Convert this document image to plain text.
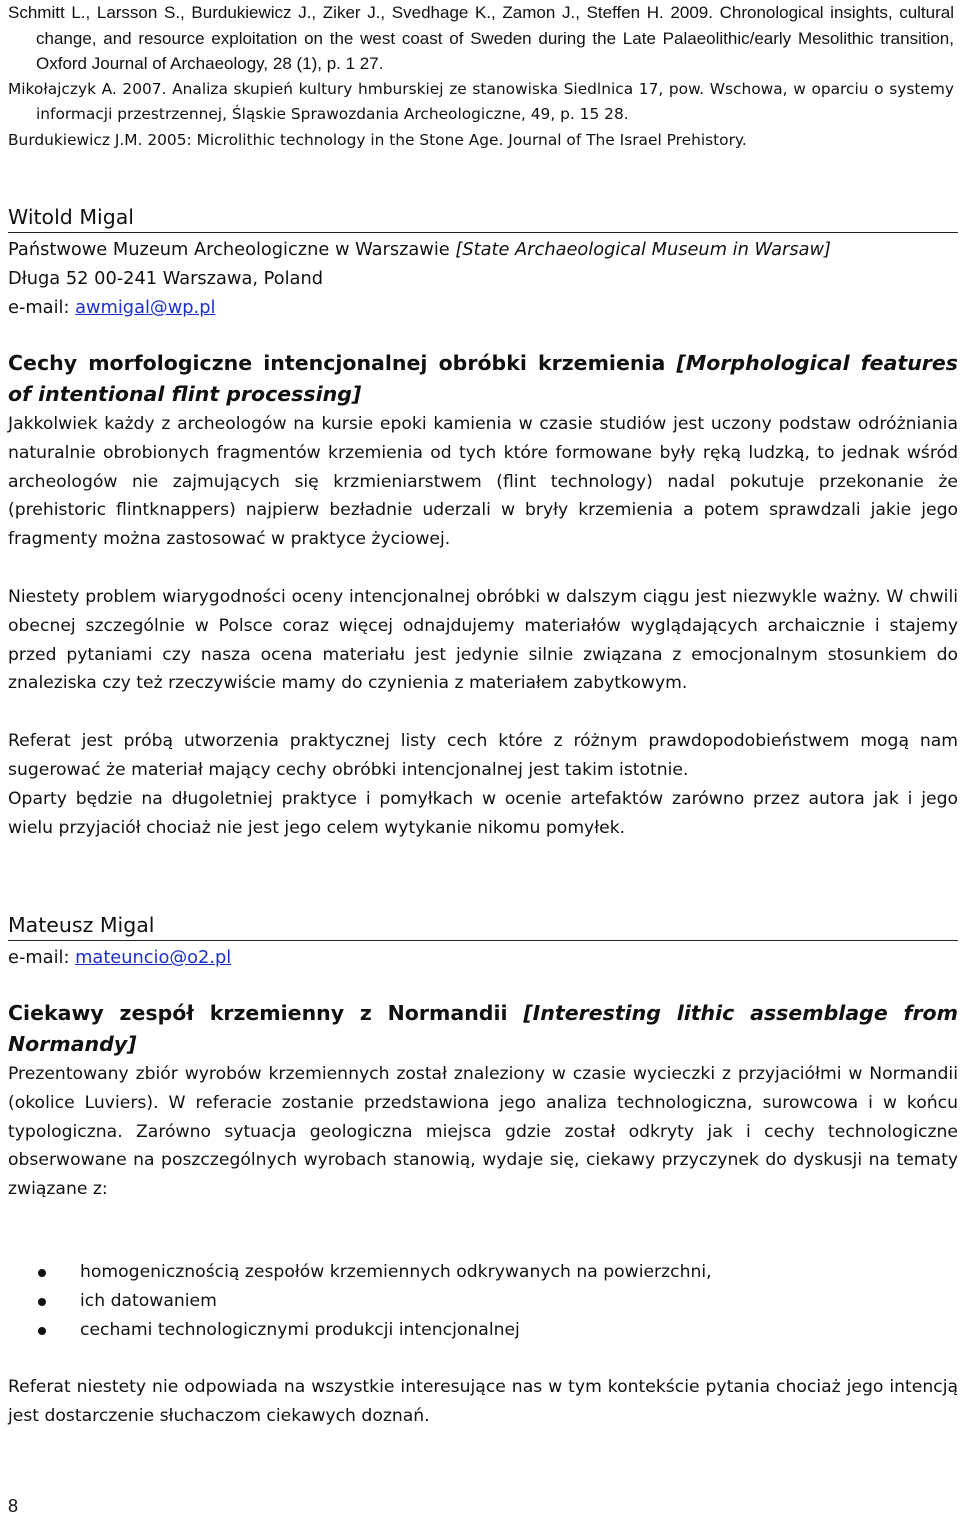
Schmitt L., Larsson S., Burdukiewicz J., Ziker J., Svedhage K., Zamon J., Steffen H. 2009. Chronological insights, cultural change, and resource exploitation on the west coast of Sweden during the Late Palaeolithic/early Mesolithic transition, Oxford Journal of Archaeology, 28 (1), p. 1 27.

Mikołajczyk A. 2007. Analiza skupień kultury hmburskiej ze stanowiska Siedlnica 17, pow. Wschowa, w oparciu o systemy informacji przestrzennej, Śląskie Sprawozdania Archeologiczne, 49, p. 15 28.

Burdukiewicz J.M. 2005: Microlithic technology in the Stone Age. Journal of The Israel Prehistory.

Witold Migal

Państwowe Muzeum Archeologiczne w Warszawie [State Archaeological Museum in Warsaw]

Długa 52 00-241 Warszawa, Poland

e-mail: awmigal@wp.pl

Cechy morfologiczne intencjonalnej obróbki krzemienia [Morphological features of intentional flint processing]

Jakkolwiek każdy z archeologów na kursie epoki kamienia w czasie studiów jest uczony podstaw odróżniania naturalnie obrobionych fragmentów krzemienia od tych które formowane były ręką ludzką, to jednak wśród archeologów nie zajmujących się krzmieniarstwem (flint technology) nadal pokutuje przekonanie że (prehistoric flintknappers) najpierw bezładnie uderzali w bryły krzemienia a potem sprawdzali jakie jego fragmenty można zastosować w praktyce życiowej.

Niestety problem wiarygodności oceny intencjonalnej obróbki w dalszym ciągu jest niezwykle ważny. W chwili obecnej szczególnie w Polsce coraz więcej odnajdujemy materiałów wyglądających archaicznie i stajemy przed pytaniami czy nasza ocena materiału jest jedynie silnie związana z emocjonalnym stosunkiem do znaleziska czy też rzeczywiście mamy do czynienia z materiałem zabytkowym.

Referat jest próbą utworzenia praktycznej listy cech które z różnym prawdopodobieństwem mogą nam sugerować że materiał mający cechy obróbki intencjonalnej jest takim istotnie.

Oparty będzie na długoletniej praktyce i pomyłkach w ocenie artefaktów zarówno przez autora jak i jego wielu przyjaciół chociaż nie jest jego celem wytykanie nikomu pomyłek.

Mateusz Migal

e-mail: mateuncio@o2.pl

Ciekawy zespół krzemienny z Normandii [Interesting lithic assemblage from Normandy]

Prezentowany zbiór wyrobów krzemiennych został znaleziony w czasie wycieczki z przyjaciółmi w Normandii (okolice Luviers). W referacie zostanie przedstawiona jego analiza technologiczna, surowcowa i w końcu typologiczna. Zarówno sytuacja geologiczna miejsca gdzie został odkryty jak i cechy technologiczne obserwowane na poszczególnych wyrobach stanowią, wydaje się, ciekawy przyczynek do dyskusji na tematy związane z:

homogenicznością zespołów krzemiennych odkrywanych na powierzchni,
ich datowaniem
cechami technologicznymi produkcji intencjonalnej

Referat niestety nie odpowiada na wszystkie interesujące nas w tym kontekście pytania chociaż jego intencją jest dostarczenie słuchaczom ciekawych doznań.

8
